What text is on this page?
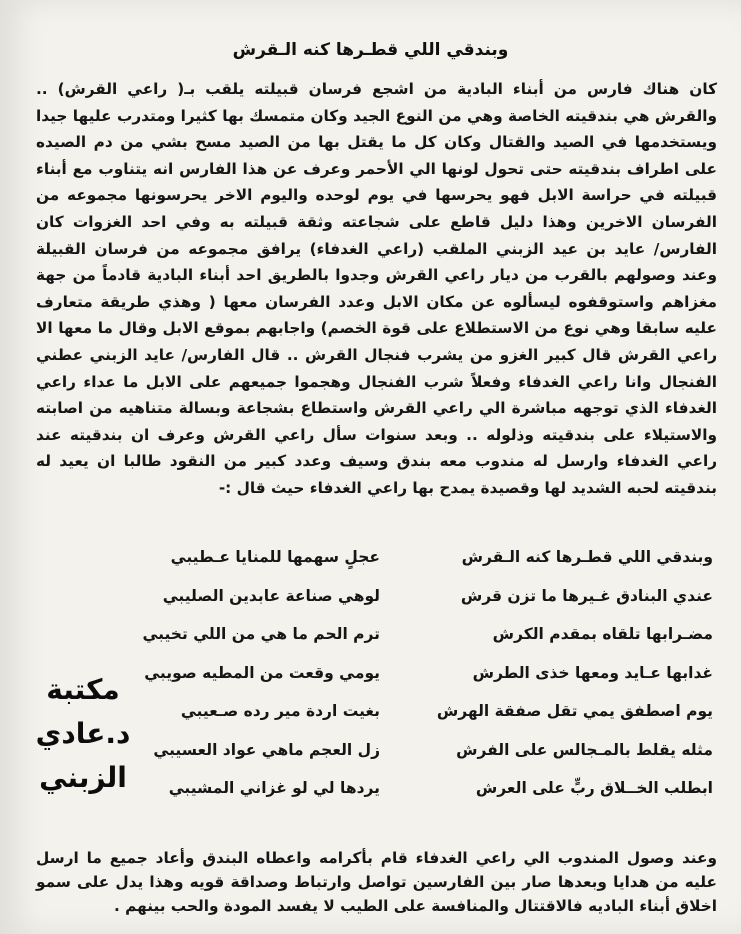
وبندقي اللي قطـرها كنه الـقرش
كان هناك فارس من أبناء البادية من اشجع فرسان قبيلته يلقب بـ( راعي القرش) .. والقرش هي بندقيته الخاصة وهي من النوع الجيد وكان متمسك بها كثيرا ومتدرب عليها جيدا ويستخدمها في الصيد والقتال وكان كل ما يقتل بها من الصيد مسح بشي من دم الصيده على اطراف بندقيته حتى تحول لونها الي الأحمر وعرف عن هذا الفارس انه يتناوب مع أبناء قبيلته في حراسة الابل فهو يحرسها في يوم لوحده واليوم الاخر يحرسونها مجموعه من الفرسان الاخرين وهذا دليل قاطع على شجاعته وثقة قبيلته به وفي احد الغزوات كان الفارس/ عايد بن عيد الزبني الملقب (راعي الغدفاء) يرافق مجموعه من فرسان القبيلة وعند وصولهم بالقرب من ديار راعي القرش وجدوا بالطريق احد أبناء البادية قادماً من جهة مغزاهم واستوقفوه ليسألوه عن مكان الابل وعدد الفرسان معها ( وهذي طريقة متعارف عليه سابقا وهي نوع من الاستطلاع على قوة الخصم) واجابهم بموقع الابل وقال ما معها الا راعي القرش قال كبير الغزو من يشرب فنجال القرش .. قال الفارس/ عايد الزبني عطني الفنجال وانا راعي الغدفاء وفعلاً شرب الفنجال وهجموا جميعهم على الابل ما عداء راعي الغدفاء الذي توجهه مباشرة الي راعي القرش واستطاع بشجاعة وبسالة متناهيه من اصابته والاستيلاء على بندقيته وذلوله .. وبعد سنوات سأل راعي القرش وعرف ان بندقيته عند راعي الغدفاء وارسل له مندوب معه بندق وسيف وعدد كبير من النقود طالبا ان يعيد له بندقيته لحبه الشديد لها وقصيدة يمدح بها راعي الغدفاء حيث قال :-
وبندقي اللي قطـرها كنه الـقرش
عجلٍ سهمها للمنايا عـطيبي
عندي البنادق غـيرها ما تزن قرش
لوهي صناعة عابدين الصليبي
مضـرابها تلقاه بمقدم الكرش
ترم الحم ما هي من اللي تخيبي
غدابها عـايد ومعها خذى الطرش
يومي وقعت من المطيه صويبي
يوم اصطفق يمي تقل صفقة الهرش
بغيت اردة مير رده صـعيبي
مثله يقلط بالمـجالس على الفرش
زل العجم ماهي عواد العسيبي
ابطلب الخــلاق ربٍّ على العرش
يردها لي لو غزاني المشيبي
مكتبة
د.عادي
الزبني
وعند وصول المندوب الي راعي الغدفاء قام بأكرامه واعطاه البندق وأعاد جميع ما ارسل عليه من هدايا وبعدها صار بين الفارسين تواصل وارتباط وصداقة قويه وهذا يدل على سمو اخلاق أبناء الباديه فالاقتتال والمنافسة على الطيب لا يفسد المودة والحب بينهم .
